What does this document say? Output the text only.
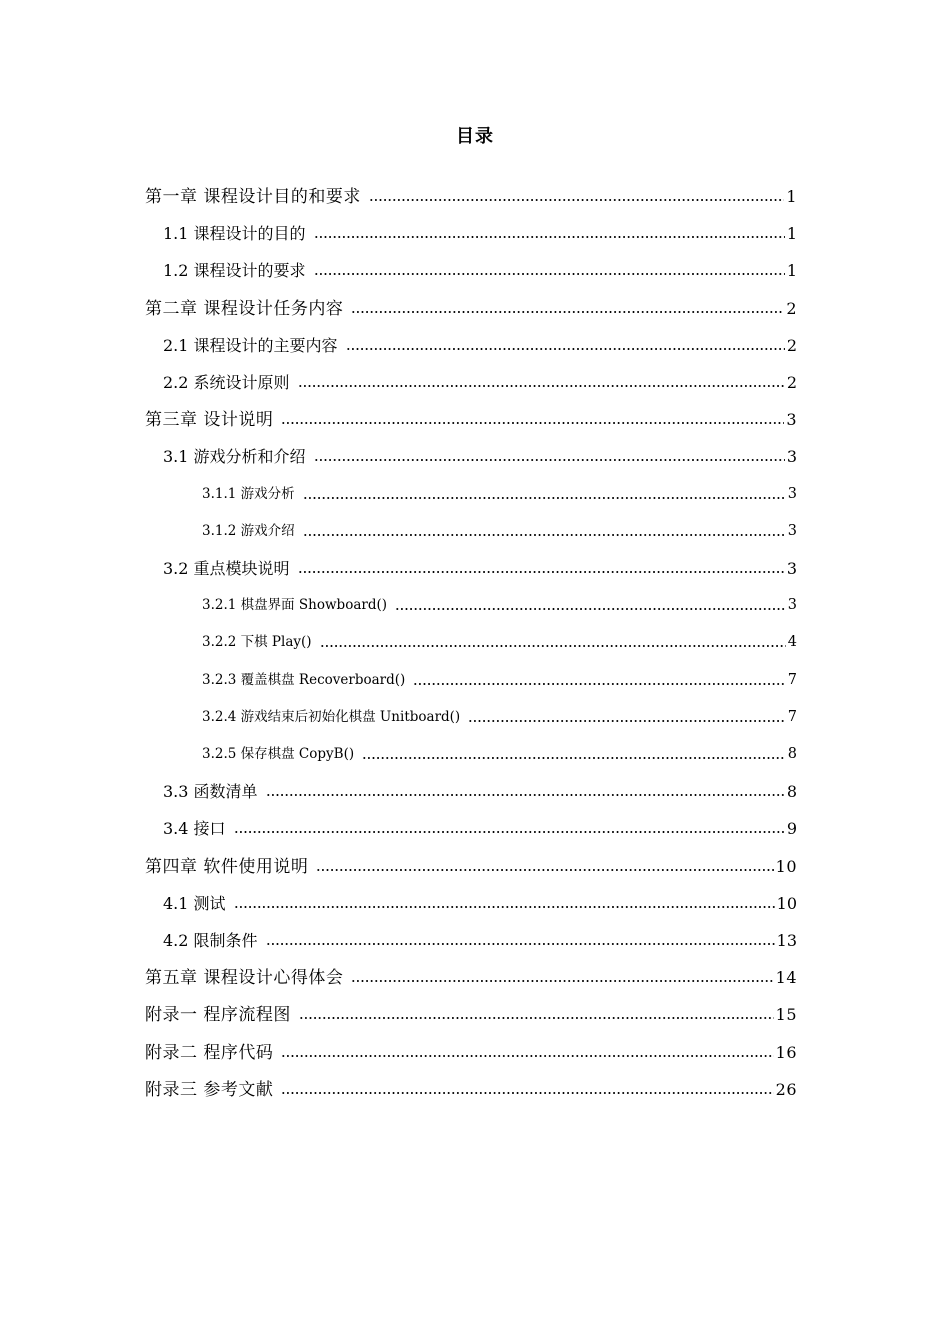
目录
第一章 课程设计目的和要求	1
1.1 课程设计的目的	1
1.2 课程设计的要求	1
第二章 课程设计任务内容	2
2.1 课程设计的主要内容	2
2.2 系统设计原则	2
第三章 设计说明	3
3.1 游戏分析和介绍	3
3.1.1 游戏分析	3
3.1.2 游戏介绍	3
3.2 重点模块说明	3
3.2.1 棋盘界面 Showboard()	3
3.2.2 下棋 Play()	4
3.2.3 覆盖棋盘 Recoverboard()	7
3.2.4 游戏结束后初始化棋盘 Unitboard()	7
3.2.5 保存棋盘 CopyB()	8
3.3 函数清单	8
3.4 接口	9
第四章 软件使用说明	10
4.1 测试	10
4.2 限制条件	13
第五章 课程设计心得体会	14
附录一 程序流程图	15
附录二 程序代码	16
附录三 参考文献	26
